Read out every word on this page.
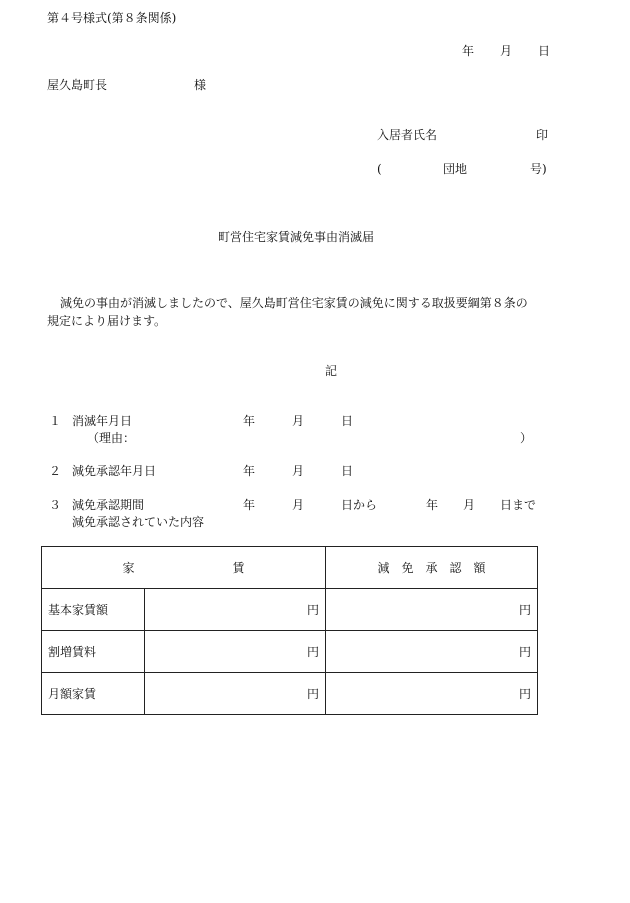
第４号様式(第８条関係)
年 月 日
屋久島町長	様
入居者氏名	印
(	団地	号)
町営住宅家賃減免事由消滅届
減免の事由が消滅しましたので、屋久島町営住宅家賃の減免に関する取扱要綱第８条の
規定により届けます。
記
１ 消滅年月日	年	月	日
（理由：	）
２ 減免承認年月日	年	月	日
３ 減免承認期間	年	月	日から	年 月 日まで
減免承認されていた内容
家 賃		減　免　承　認　額
基本家賃額	円	円
割増賃料	円	円
月額家賃	円	円
